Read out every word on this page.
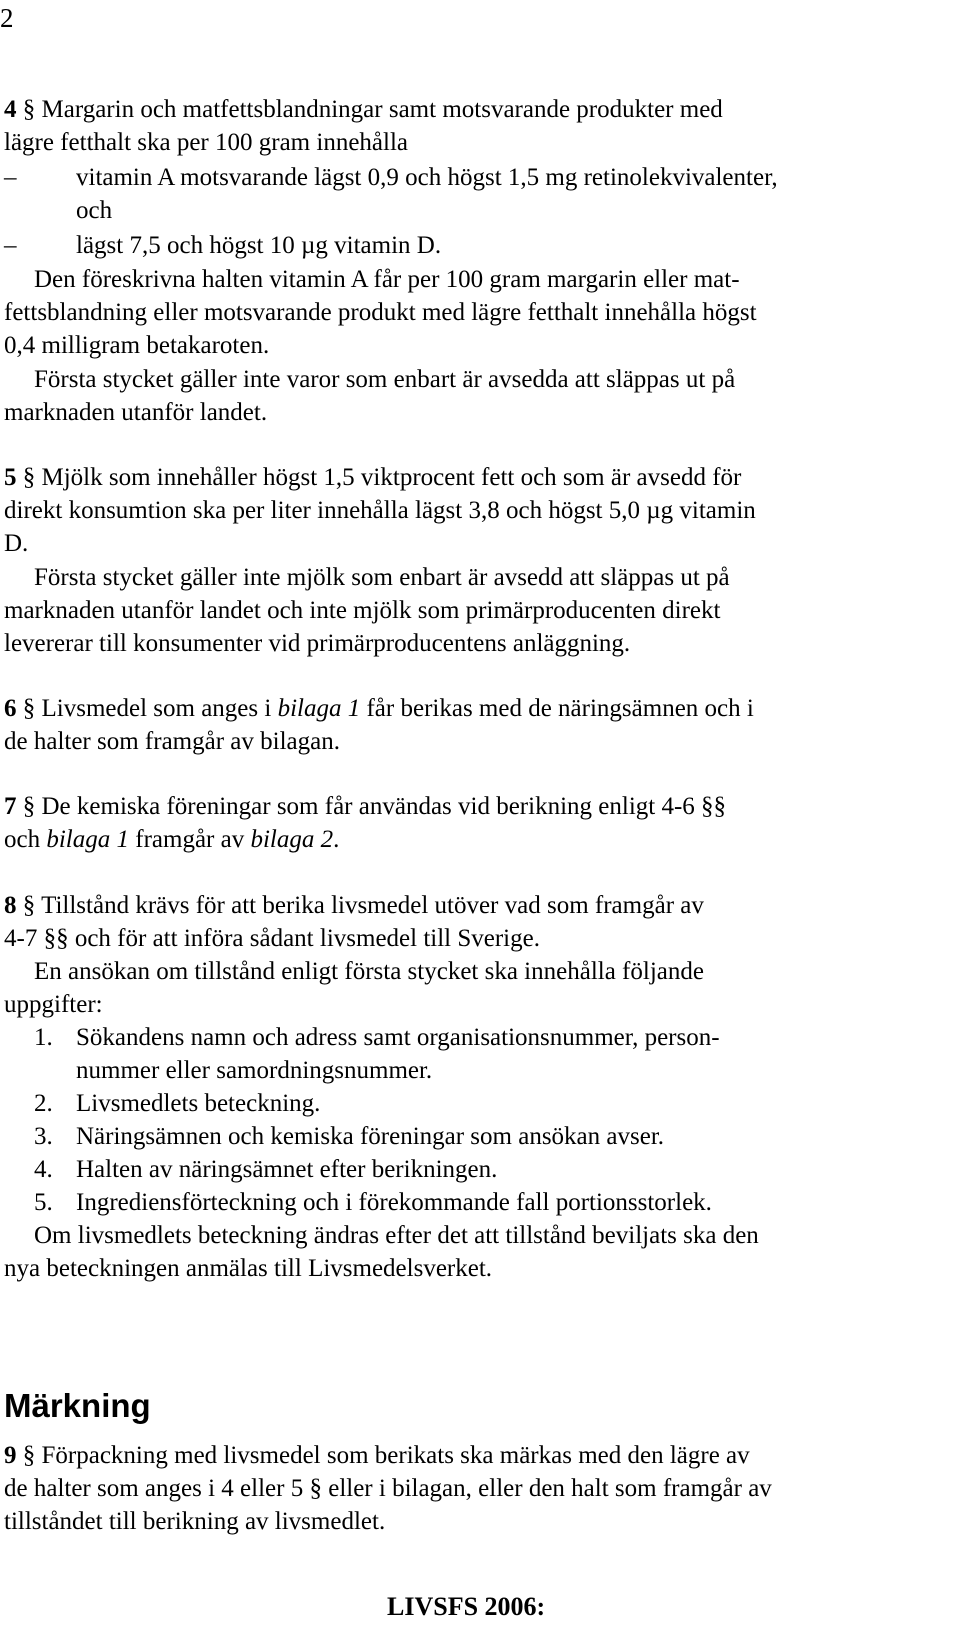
2
4 § Margarin och matfettsblandningar samt motsvarande produkter med
lägre fetthalt ska per 100 gram innehålla
– vitamin A motsvarande lägst 0,9 och högst 1,5 mg retinolekvivalenter,
och
– lägst 7,5 och högst 10 µg vitamin D.
Den föreskrivna halten vitamin A får per 100 gram margarin eller mat-
fettsblandning eller motsvarande produkt med lägre fetthalt innehålla högst
0,4 milligram betakaroten.
Första stycket gäller inte varor som enbart är avsedda att släppas ut på
marknaden utanför landet.
5 § Mjölk som innehåller högst 1,5 viktprocent fett och som är avsedd för
direkt konsumtion ska per liter innehålla lägst 3,8 och högst 5,0 µg vitamin
D.
Första stycket gäller inte mjölk som enbart är avsedd att släppas ut på
marknaden utanför landet och inte mjölk som primärproducenten direkt
levererar till konsumenter vid primärproducentens anläggning.
6 § Livsmedel som anges i bilaga 1 får berikas med de näringsämnen och i
de halter som framgår av bilagan.
7 § De kemiska föreningar som får användas vid berikning enligt 4-6 §§
och bilaga 1 framgår av bilaga 2.
8 § Tillstånd krävs för att berika livsmedel utöver vad som framgår av
4-7 §§ och för att införa sådant livsmedel till Sverige.
En ansökan om tillstånd enligt första stycket ska innehålla följande
uppgifter:
1. Sökandens namn och adress samt organisationsnummer, person-
nummer eller samordningsnummer.
2. Livsmedlets beteckning.
3. Näringsämnen och kemiska föreningar som ansökan avser.
4. Halten av näringsämnet efter berikningen.
5. Ingrediensförteckning och i förekommande fall portionsstorlek.
Om livsmedlets beteckning ändras efter det att tillstånd beviljats ska den
nya beteckningen anmälas till Livsmedelsverket.
Märkning
9 § Förpackning med livsmedel som berikats ska märkas med den lägre av
de halter som anges i 4 eller 5 § eller i bilagan, eller den halt som framgår av
tillståndet till berikning av livsmedlet.
LIVSFS 2006:
